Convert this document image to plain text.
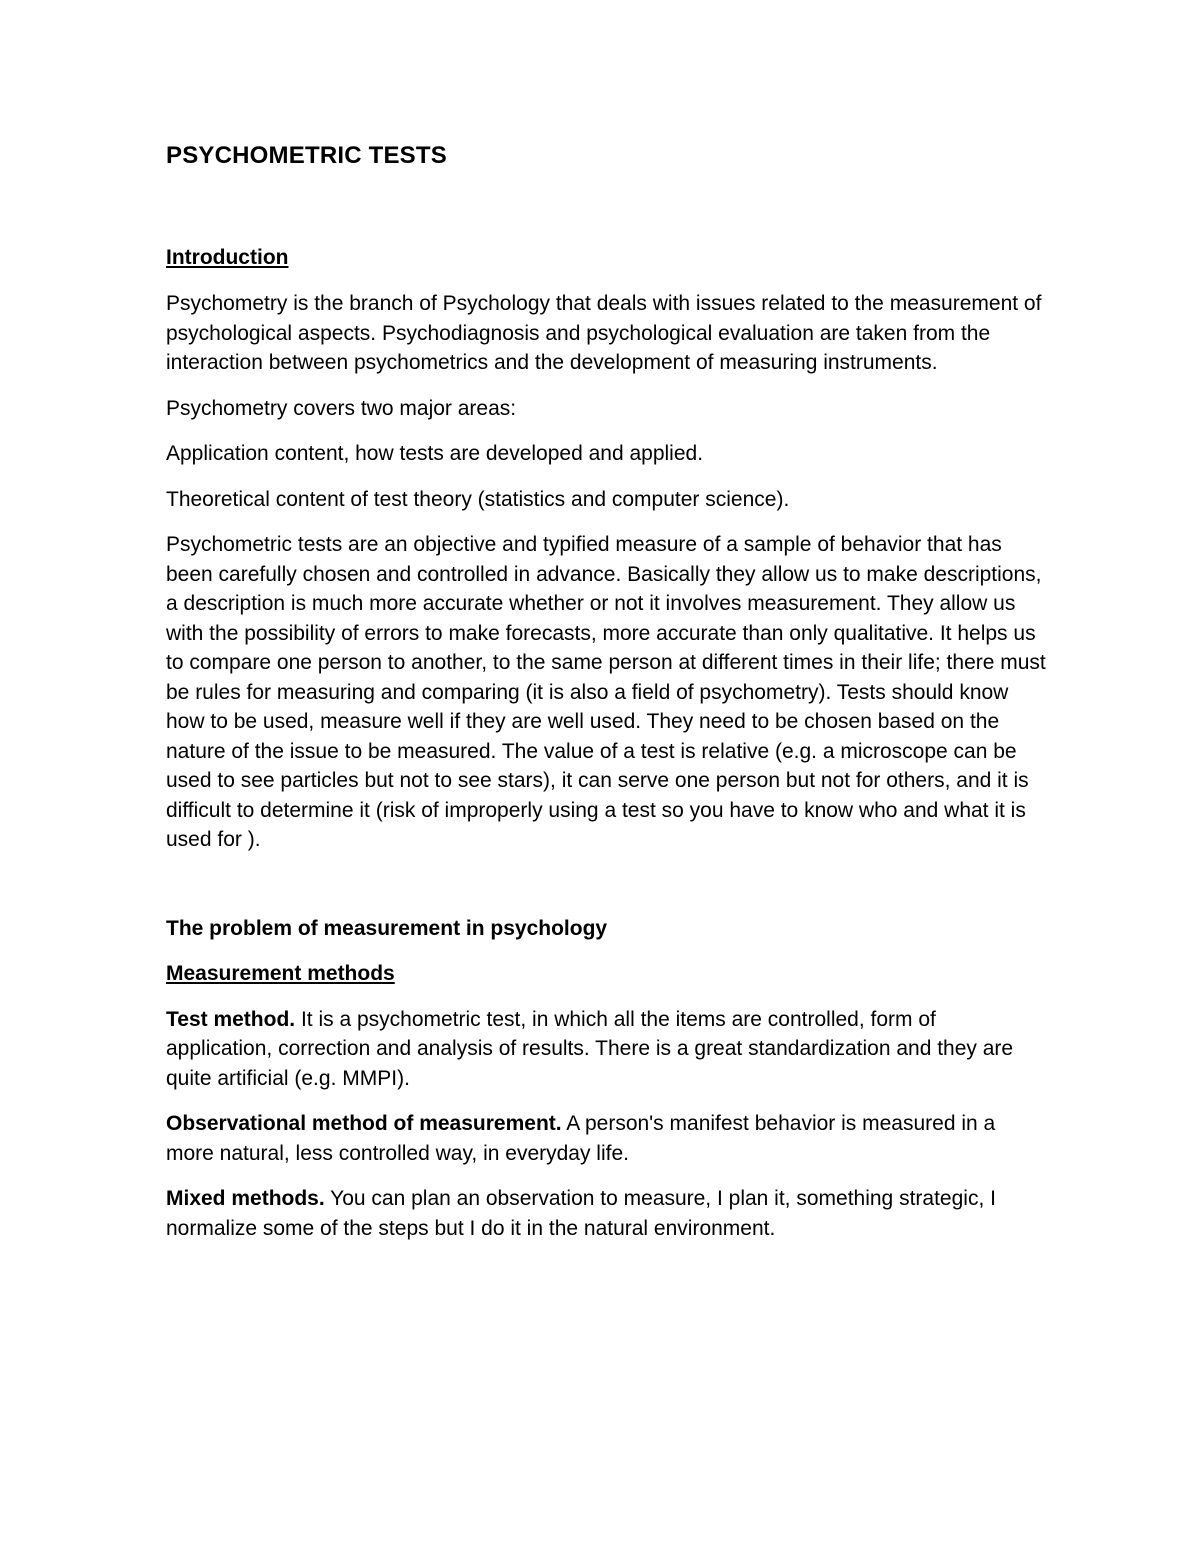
PSYCHOMETRIC TESTS
Introduction

Psychometry is the branch of Psychology that deals with issues related to the measurement of psychological aspects. Psychodiagnosis and psychological evaluation are taken from the interaction between psychometrics and the development of measuring instruments.

Psychometry covers two major areas:

Application content, how tests are developed and applied.

Theoretical content of test theory (statistics and computer science).

Psychometric tests are an objective and typified measure of a sample of behavior that has been carefully chosen and controlled in advance. Basically they allow us to make descriptions, a description is much more accurate whether or not it involves measurement. They allow us with the possibility of errors to make forecasts, more accurate than only qualitative. It helps us to compare one person to another, to the same person at different times in their life; there must be rules for measuring and comparing (it is also a field of psychometry). Tests should know how to be used, measure well if they are well used. They need to be chosen based on the nature of the issue to be measured. The value of a test is relative (e.g. a microscope can be used to see particles but not to see stars), it can serve one person but not for others, and it is difficult to determine it (risk of improperly using a test so you have to know who and what it is used for ).

The problem of measurement in psychology
Measurement methods

Test method. It is a psychometric test, in which all the items are controlled, form of application, correction and analysis of results. There is a great standardization and they are quite artificial (e.g. MMPI).

Observational method of measurement. A person's manifest behavior is measured in a more natural, less controlled way, in everyday life.

Mixed methods. You can plan an observation to measure, I plan it, something strategic, I normalize some of the steps but I do it in the natural environment.
